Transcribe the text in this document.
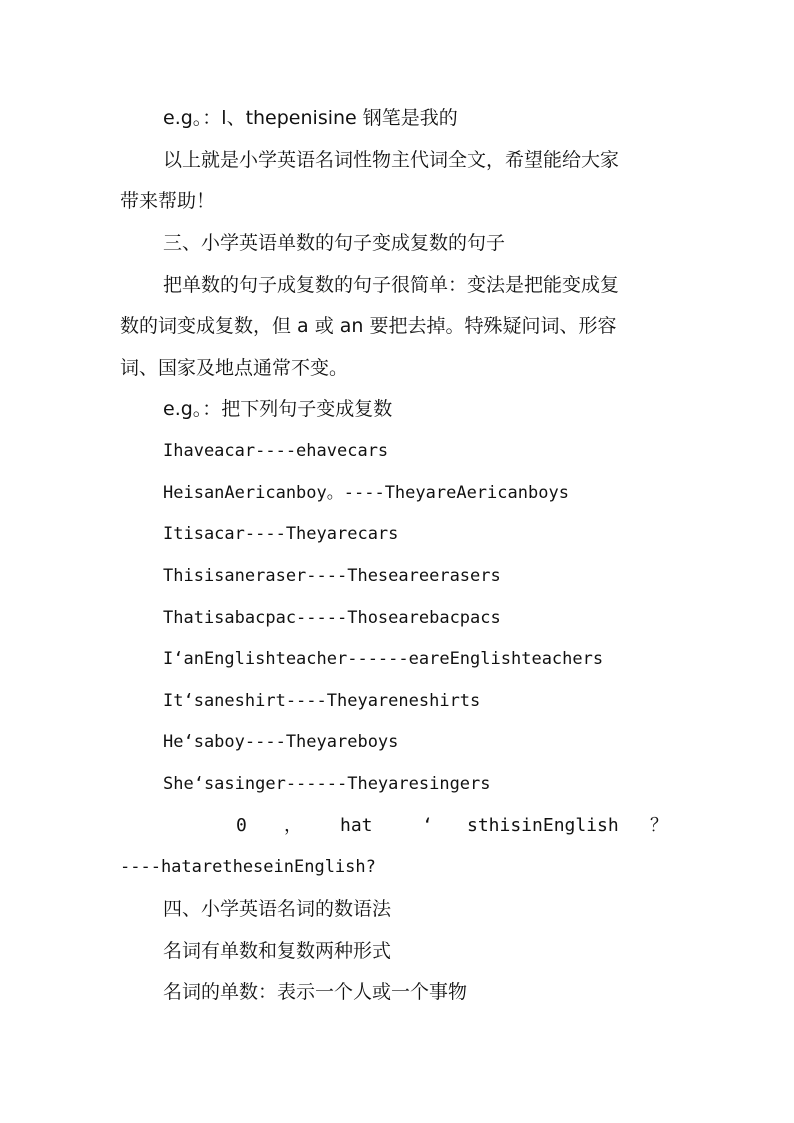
e.g。：l、thepenisine 钢笔是我的
以上就是小学英语名词性物主代词全文，希望能给大家
带来帮助！
三、小学英语单数的句子变成复数的句子
把单数的句子成复数的句子很简单：变法是把能变成复
数的词变成复数，但 a 或 an 要把去掉。特殊疑问词、形容
词、国家及地点通常不变。
e.g。：把下列句子变成复数
Ihaveacar----ehavecars
HeisanAericanboy。----TheyareAericanboys
Itisacar----Theyarecars
Thisisaneraser----Theseareerasers
Thatisabacpac-----Thosearebacpacs
I‘anEnglishteacher------eareEnglishteachers
It‘saneshirt----Theyareneshirts
He‘saboy----Theyareboys
She‘sasinger------Theyaresingers
0 ， hat	‘ sthisinEnglish ？
----hataretheseinEnglish?
四、小学英语名词的数语法
名词有单数和复数两种形式
名词的单数：表示一个人或一个事物
